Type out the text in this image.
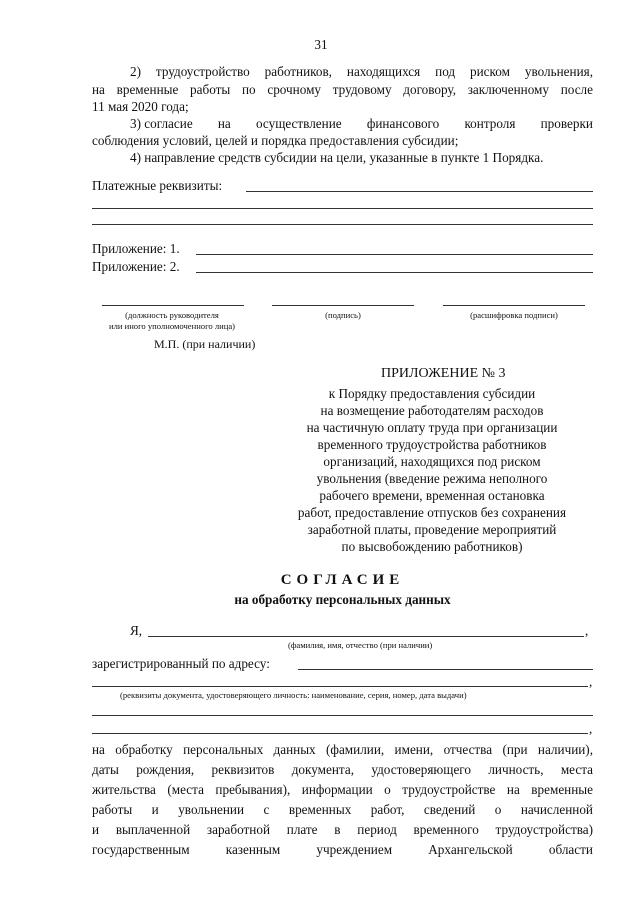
31
2) трудоустройство работников, находящихся под риском увольнения,
на временные работы по срочному трудовому договору, заключенному после
11 мая 2020 года;
3) согласие на осуществление финансового контроля проверки
соблюдения условий, целей и порядка предоставления субсидии;
4) направление средств субсидии на цели, указанные в пункте 1 Порядка.
Платежные реквизиты:
Приложение: 1.
Приложение: 2.
(должность руководителя
или иного уполномоченного лица)
(подпись)	(расшифровка подписи)
М.П. (при наличии)
ПРИЛОЖЕНИЕ № 3
к Порядку предоставления субсидии
на возмещение работодателям расходов
на частичную оплату труда при организации
временного трудоустройства работников
организаций, находящихся под риском
увольнения (введение режима неполного
рабочего времени, временная остановка
работ, предоставление отпусков без сохранения
заработной платы, проведение мероприятий
по высвобождению работников)
СОГЛАСИЕ
на обработку персональных данных
Я,	,
(фамилия, имя, отчество (при наличии)
зарегистрированный по адресу:
,
(реквизиты документа, удостоверяющего личность: наименование, серия, номер, дата выдачи)
,
на обработку персональных данных (фамилии, имени, отчества (при наличии),
даты рождения, реквизитов документа, удостоверяющего личность, места
жительства (места пребывания), информации о трудоустройстве на временные
работы и увольнении с временных работ, сведений о начисленной
и выплаченной заработной плате в период временного трудоустройства)
государственным	казенным	учреждением	Архангельской	области
